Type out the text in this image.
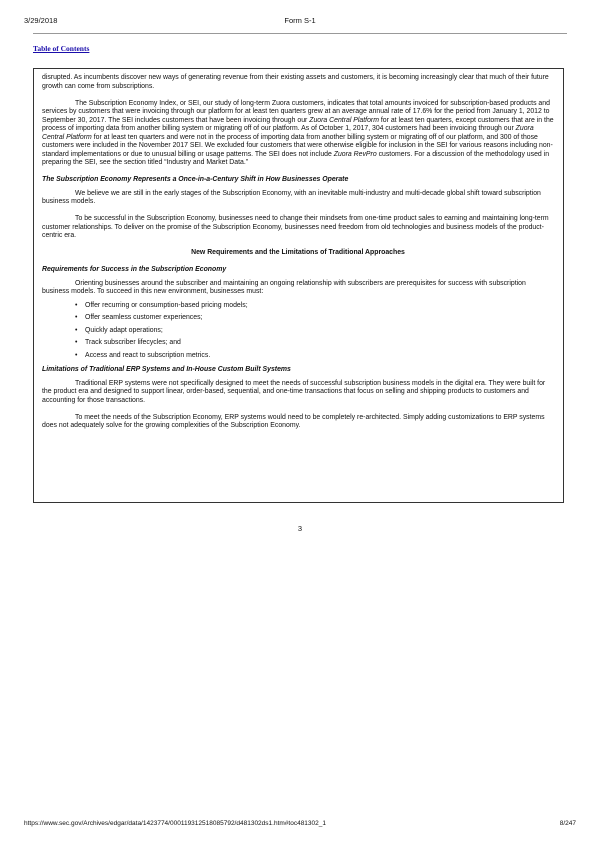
3/29/2018	Form S-1
Table of Contents

disrupted. As incumbents discover new ways of generating revenue from their existing assets and customers, it is becoming increasingly clear that much of their future growth can come from subscriptions.

The Subscription Economy Index, or SEI, our study of long-term Zuora customers, indicates that total amounts invoiced for subscription-based products and services by customers that were invoicing through our platform for at least ten quarters grew at an average annual rate of 17.6% for the period from January 1, 2012 to September 30, 2017. The SEI includes customers that have been invoicing through our Zuora Central Platform for at least ten quarters, except customers that are in the process of importing data from another billing system or migrating off of our platform. As of October 1, 2017, 304 customers had been invoicing through our Zuora Central Platform for at least ten quarters and were not in the process of importing data from another billing system or migrating off of our platform, and 300 of those customers were included in the November 2017 SEI. We excluded four customers that were otherwise eligible for inclusion in the SEI for various reasons including non-standard implementations or due to unusual billing or usage patterns. The SEI does not include Zuora RevPro customers. For a discussion of the methodology used in preparing the SEI, see the section titled “Industry and Market Data.”

The Subscription Economy Represents a Once-in-a-Century Shift in How Businesses Operate

We believe we are still in the early stages of the Subscription Economy, with an inevitable multi-industry and multi-decade global shift toward subscription business models.

To be successful in the Subscription Economy, businesses need to change their mindsets from one-time product sales to earning and maintaining long-term customer relationships. To deliver on the promise of the Subscription Economy, businesses need freedom from old technologies and business models of the product-centric era.

New Requirements and the Limitations of Traditional Approaches

Requirements for Success in the Subscription Economy

Orienting businesses around the subscriber and maintaining an ongoing relationship with subscribers are prerequisites for success with subscription business models. To succeed in this new environment, businesses must:

• Offer recurring or consumption-based pricing models;
• Offer seamless customer experiences;
• Quickly adapt operations;
• Track subscriber lifecycles; and
• Access and react to subscription metrics.

Limitations of Traditional ERP Systems and In-House Custom Built Systems

Traditional ERP systems were not specifically designed to meet the needs of successful subscription business models in the digital era. They were built for the product era and designed to support linear, order-based, sequential, and one-time transactions that focus on selling and shipping products to customers and accounting for those transactions.

To meet the needs of the Subscription Economy, ERP systems would need to be completely re-architected. Simply adding customizations to ERP systems does not adequately solve for the growing complexities of the Subscription Economy.

3
https://www.sec.gov/Archives/edgar/data/1423774/000119312518085792/d481302ds1.htm#toc481302_1	8/247
